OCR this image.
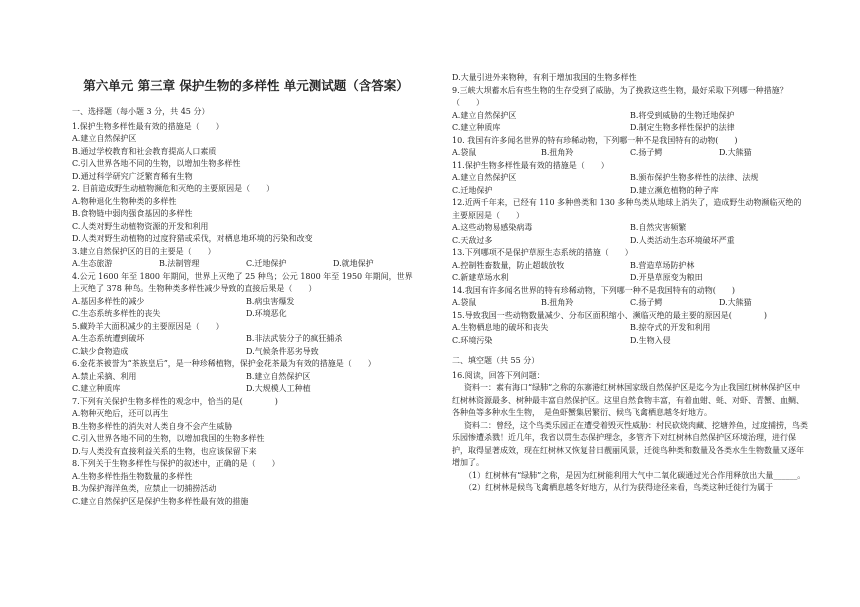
第六单元 第三章 保护生物的多样性 单元测试题（含答案）
一、选择题（每小题 3 分，共 45 分）
1.保护生物多样性最有效的措施是（　　）
A.建立自然保护区
B.通过学校教育和社会教育提高人口素质
C.引入世界各地不同的生物，以增加生物多样性
D.通过科学研究广泛繁育稀有生物
2. 目前造成野生动植物濒危和灭绝的主要原因是（　　）
A.物种退化生物种类的多样性
B.食物链中弱肉强食基因的多样性
C.人类对野生动植物资源的开发和利用
D.人类对野生动植物的过度狩猎或采伐，对栖息地环境的污染和改变
3.建立自然保护区的目的主要是（　　）
A.生态旅游	B.法制管理	C.迁地保护	D.就地保护
4.公元 1600 年至 1800 年期间，世界上灭绝了 25 种鸟；公元 1800 年至 1950 年期间，世界上灭绝了 378 种鸟。生物种类多样性减少导致的直接后果是（　　）
A.基因多样性的减少	B.病虫害爆发
C.生态系统多样性的丧失	D.环境恶化
5.藏羚羊大面积减少的主要原因是（　　）
A.生态系统遭到破坏	B.非法武装分子的疯狂捕杀
C.缺少食物造成	D.气候条件恶劣导致
6.金花茶被誉为“茶族皇后”，是一种珍稀植物，保护金花茶最为有效的措施是（　　）
A.禁止采摘、利用	B.建立自然保护区
C.建立种质库	D.大规模人工种植
7.下列有关保护生物多样性的观念中，恰当的是(　　　　)
A.物种灭绝后，还可以再生
B.生物多样性的消失对人类自身不会产生威胁
C.引入世界各地不同的生物，以增加我国的生物多样性
D.与人类没有直接利益关系的生物，也应该保留下来
8.下列关于生物多样性与保护的叙述中，正确的是（　　）
A.生物多样性指生物数量的多样性
B.为保护海洋鱼类，应禁止一切捕捞活动
C.建立自然保护区是保护生物多样性最有效的措施
D.大量引进外来物种，有利于增加我国的生物多样性
9.三峡大坝蓄水后有些生物的生存受到了威胁，为了挽救这些生物，最好采取下列哪一种措施？（　　）
A.建立自然保护区	B.将受到威胁的生物迁地保护
C.建立种质库	D.制定生物多样性保护的法律
10. 我国有许多闻名世界的特有珍稀动物，下列哪一种不是我国特有的动物(　　)
A.袋鼠	B.扭角羚	C.扬子鳄	D.大熊猫
11.保护生物多样性最有效的措施是（　　）
A.建立自然保护区	B.颁布保护生物多样性的法律、法规
C.迁地保护	D.建立濒危植物的种子库
12.近两千年来，已经有 110 多种兽类和 130 多种鸟类从地球上消失了，造成野生动物濒临灭绝的主要原因是（　　）
A.这些动物易感染病毒	B.自然灾害频繁
C.天敌过多	D.人类活动生态环境破坏严重
13.下列哪项不是保护草原生态系统的措施（　　）
A.控制牲畜数量，防止超载放牧	B.营造草场防护林
C.新建草场水利	D.开垦草原变为粮田
14.我国有许多闻名世界的特有珍稀动物，下列哪一种不是我国特有的动物(　　)
A.袋鼠	B.扭角羚	C.扬子鳄	D.大熊猫
15.导致我国一些动物数量减少、分布区面积缩小、濒临灭绝的最主要的原因是(　　　　)
A.生物栖息地的破坏和丧失	B.掠夺式的开发和利用
C.环境污染	D.生物入侵
二、填空题（共 55 分）
16.阅读，回答下列问题：
资料一：素有海口“绿肺”之称的东寨港红树林国家级自然保护区是迄今为止我国红树林保护区中红树林资源最多、树种最丰富自然保护区。这里自然食物丰富，有着血蚶、蚝、对虾、青蟹、血鲷、各种鱼等多种水生生物，　是鱼虾蟹集居繁衍、候鸟飞禽栖息越冬好地方。
资料二：曾经，这个鸟类乐园正在遭受着毁灭性威胁：村民砍烧肉藏、挖塘养鱼，过度捕捞，鸟类乐园惨遭杀戮！近几年，我省以贯生态保护理念，多管齐下对红树林自然保护区环境治理，进行保护，取得显著成效，现在红树林又恢复昔日靓丽风景，迁徙鸟种类和数量及各类水生生物数量又逐年增加了。
（1）红树林有“绿肺”之称，是因为红树能利用大气中二氧化碳通过光合作用释放出大量______。
（2）红树林是候鸟飞禽栖息越冬好地方，从行为获得途径来看，鸟类这种迁徙行为属于
